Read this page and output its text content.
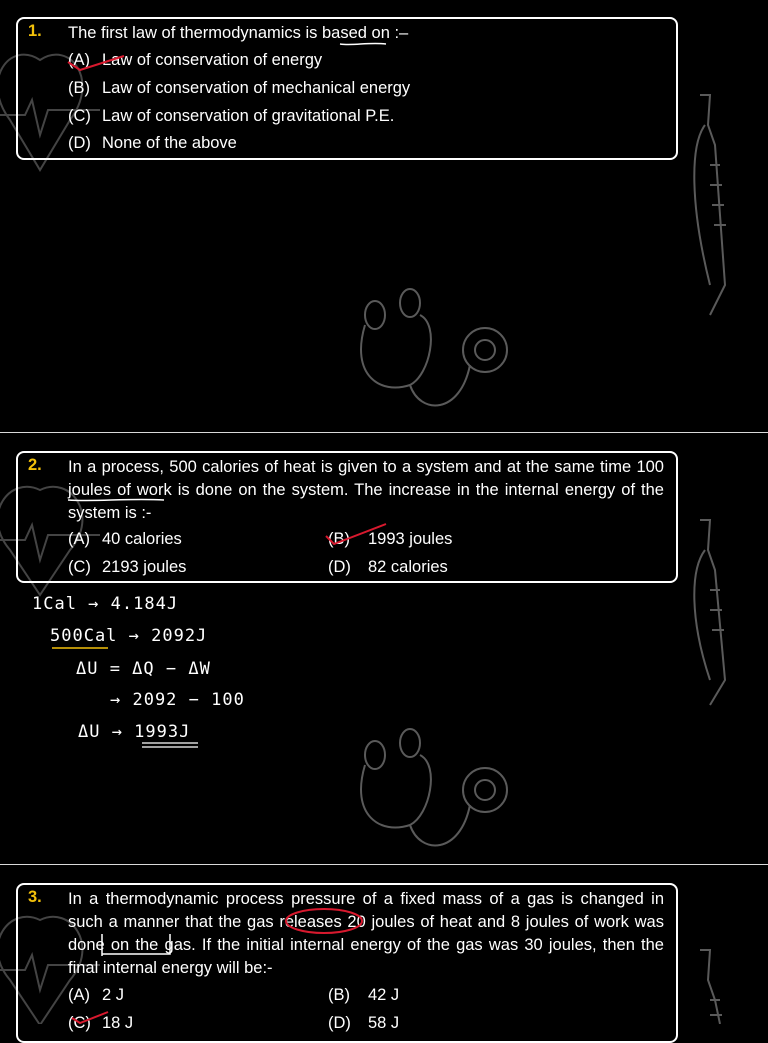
1. The first law of thermodynamics is based on :–
(A) Law of conservation of energy
(B) Law of conservation of mechanical energy
(C) Law of conservation of gravitational P.E.
(D) None of the above
2. In a process, 500 calories of heat is given to a system and at the same time 100 joules of work is done on the system. The increase in the internal energy of the system is :-
(A) 40 calories	(B) 1993 joules
(C) 2193 joules	(D) 82 calories
1Cal → 4.184J
500Cal → 2092J
ΔU = ΔQ − ΔW
→ 2092 − 100
ΔU → 1993J
3. In a thermodynamic process pressure of a fixed mass of a gas is changed in such a manner that the gas releases 20 joules of heat and 8 joules of work was done on the gas. If the initial internal energy of the gas was 30 joules, then the final internal energy will be:-
(A) 2 J	(B) 42 J
(C) 18 J	(D) 58 J
